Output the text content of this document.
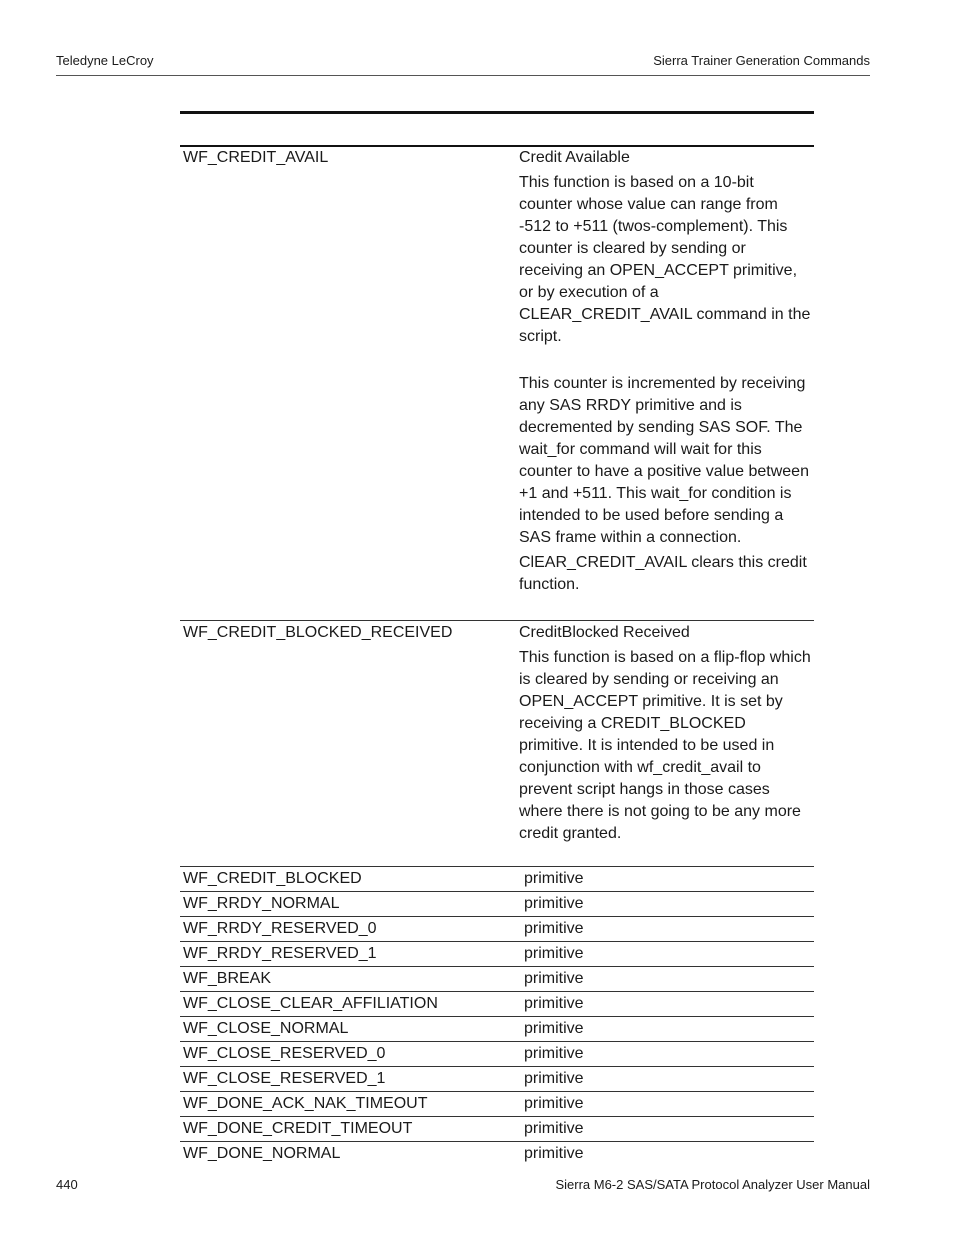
Teledyne LeCroy	Sierra Trainer Generation Commands
WF_CREDIT_AVAIL	Credit Available

This function is based on a 10-bit counter whose value can range from -512 to +511 (twos-complement). This counter is cleared by sending or receiving an OPEN_ACCEPT primitive, or by execution of a CLEAR_CREDIT_AVAIL command in the script.

This counter is incremented by receiving any SAS RRDY primitive and is decremented by sending SAS SOF. The wait_for command will wait for this counter to have a positive value between +1 and +511. This wait_for condition is intended to be used before sending a SAS frame within a connection.

ClEAR_CREDIT_AVAIL clears this credit function.

WF_CREDIT_BLOCKED_RECEIVED	CreditBlocked Received

This function is based on a flip-flop which is cleared by sending or receiving an OPEN_ACCEPT primitive. It is set by receiving a CREDIT_BLOCKED primitive. It is intended to be used in conjunction with wf_credit_avail to prevent script hangs in those cases where there is not going to be any more credit granted.

WF_CREDIT_BLOCKED	primitive
WF_RRDY_NORMAL	primitive
WF_RRDY_RESERVED_0	primitive
WF_RRDY_RESERVED_1	primitive
WF_BREAK	primitive
WF_CLOSE_CLEAR_AFFILIATION	primitive
WF_CLOSE_NORMAL	primitive
WF_CLOSE_RESERVED_0	primitive
WF_CLOSE_RESERVED_1	primitive
WF_DONE_ACK_NAK_TIMEOUT	primitive
WF_DONE_CREDIT_TIMEOUT	primitive
WF_DONE_NORMAL	primitive
440	Sierra M6-2 SAS/SATA Protocol Analyzer User Manual
